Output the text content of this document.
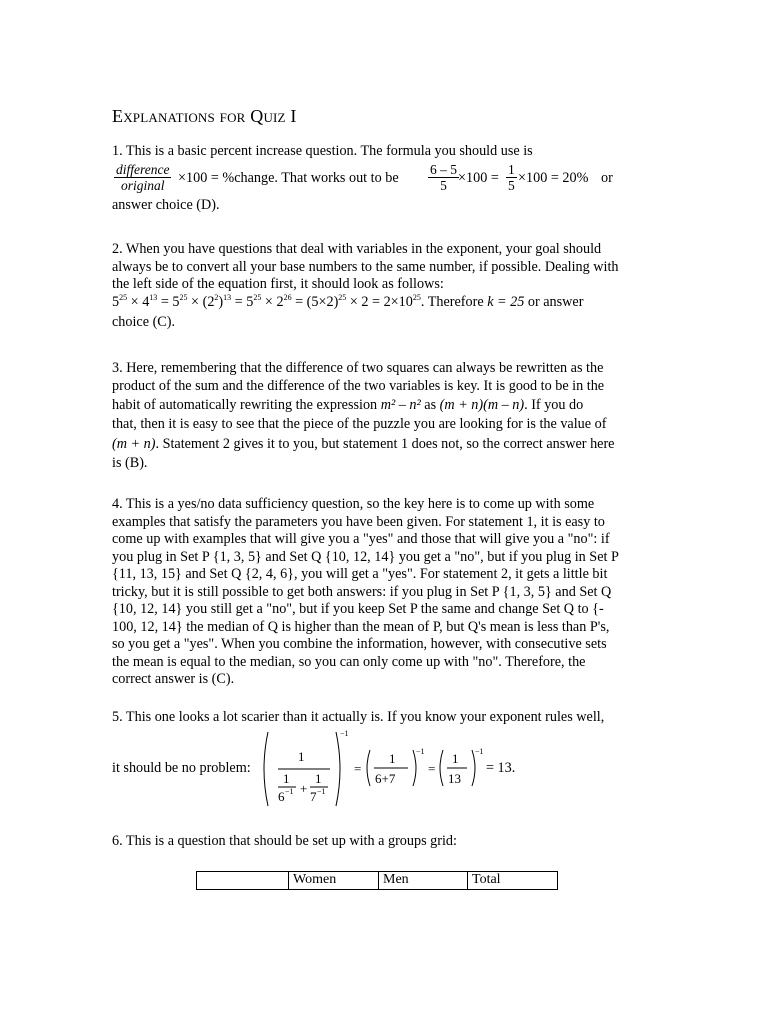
Explanations for Quiz I
1. This is a basic percent increase question. The formula you should use is
difference
original ×100 = %change. That works out to be $\frac{6 - 5}{5} \times 100 = \frac{1}{5} \times 100 = 20\%$ or
answer choice (D).
2. When you have questions that deal with variables in the exponent, your goal should
always be to convert all your base numbers to the same number, if possible. Dealing with
the left side of the equation first, it should look as follows:
$5^{25} \times 4^{13} = 5^{25} \times (2^2)^{13} = 5^{25} \times 2^{26} = (5\times 2)^{25} \times 2 = 2\times 10^{25}$. Therefore k = 25 or answer
choice (C).
3. Here, remembering that the difference of two squares can always be rewritten as the
product of the sum and the difference of the two variables is key. It is good to be in the
habit of automatically rewriting the expression m² – n² as (m + n)(m – n). If you do
that, then it is easy to see that the piece of the puzzle you are looking for is the value of
(m + n). Statement 2 gives it to you, but statement 1 does not, so the correct answer here
is (B).
4. This is a yes/no data sufficiency question, so the key here is to come up with some
examples that satisfy the parameters you have been given. For statement 1, it is easy to
come up with examples that will give you a "yes" and those that will give you a "no": if
you plug in Set P {1, 3, 5} and Set Q {10, 12, 14} you get a "no", but if you plug in Set P
{11, 13, 15} and Set Q {2, 4, 6}, you will get a "yes". For statement 2, it gets a little bit
tricky, but it is still possible to get both answers: if you plug in Set P {1, 3, 5} and Set Q
{10, 12, 14} you still get a "no", but if you keep Set P the same and change Set Q to {-
100, 12, 14} the median of Q is higher than the mean of P, but Q's mean is less than P's,
so you get a "yes". When you combine the information, however, with consecutive sets
the mean is equal to the median, so you can only come up with "no". Therefore, the
correct answer is (C).
5. This one looks a lot scarier than it actually is. If you know your exponent rules well,
it should be no problem:
−1
1
1
6 −1 +
1
7 −1
=
1
6+7
−1
=
1
13
−1
= 13.
6. This is a question that should be set up with a groups grid:
	Women	Men	Total
